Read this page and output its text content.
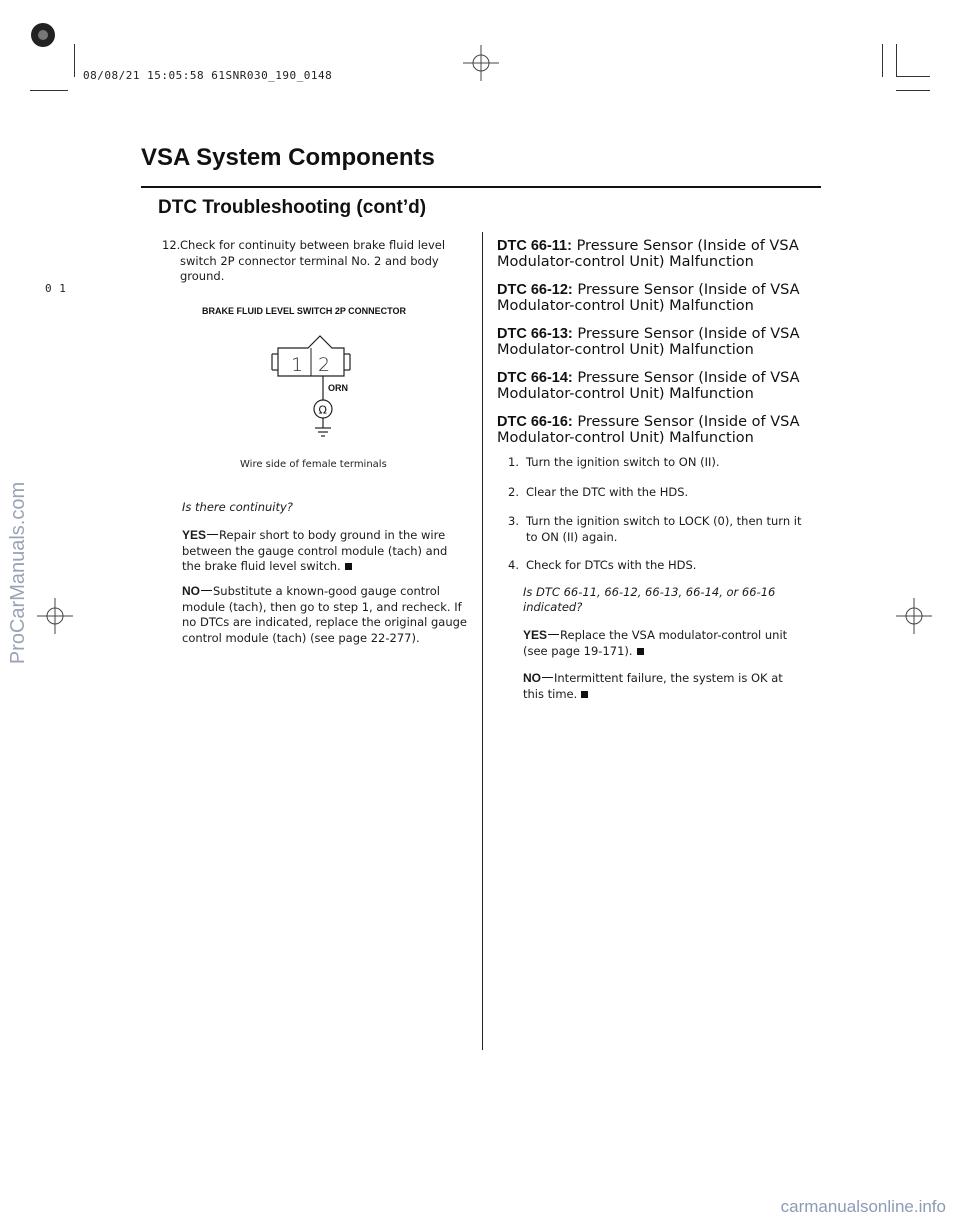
08/08/21 15:05:58 61SNR030_190_0148
VSA System Components
DTC Troubleshooting (cont’d)
0 1
12. Check for continuity between brake fluid level switch 2P connector terminal No. 2 and body ground.
BRAKE FLUID LEVEL SWITCH 2P CONNECTOR
1 2
ORN
Ω
Wire side of female terminals
Is there continuity?
YES Repair short to body ground in the wire between the gauge control module (tach) and the brake fluid level switch.
NO Substitute a known-good gauge control module (tach), then go to step 1, and recheck. If no DTCs are indicated, replace the original gauge control module (tach) (see page 22-277).
DTC 66-11: Pressure Sensor (Inside of VSA
Modulator-control Unit) Malfunction
DTC 66-12: Pressure Sensor (Inside of VSA
Modulator-control Unit) Malfunction
DTC 66-13: Pressure Sensor (Inside of VSA
Modulator-control Unit) Malfunction
DTC 66-14: Pressure Sensor (Inside of VSA
Modulator-control Unit) Malfunction
DTC 66-16: Pressure Sensor (Inside of VSA
Modulator-control Unit) Malfunction
1. Turn the ignition switch to ON (II).
2. Clear the DTC with the HDS.
3. Turn the ignition switch to LOCK (0), then turn it to ON (II) again.
4. Check for DTCs with the HDS.
Is DTC 66-11, 66-12, 66-13, 66-14, or 66-16 indicated?
YES Replace the VSA modulator-control unit (see page 19-171).
NO Intermittent failure, the system is OK at this time.
ProCarManuals.com
carmanualsonline.info
